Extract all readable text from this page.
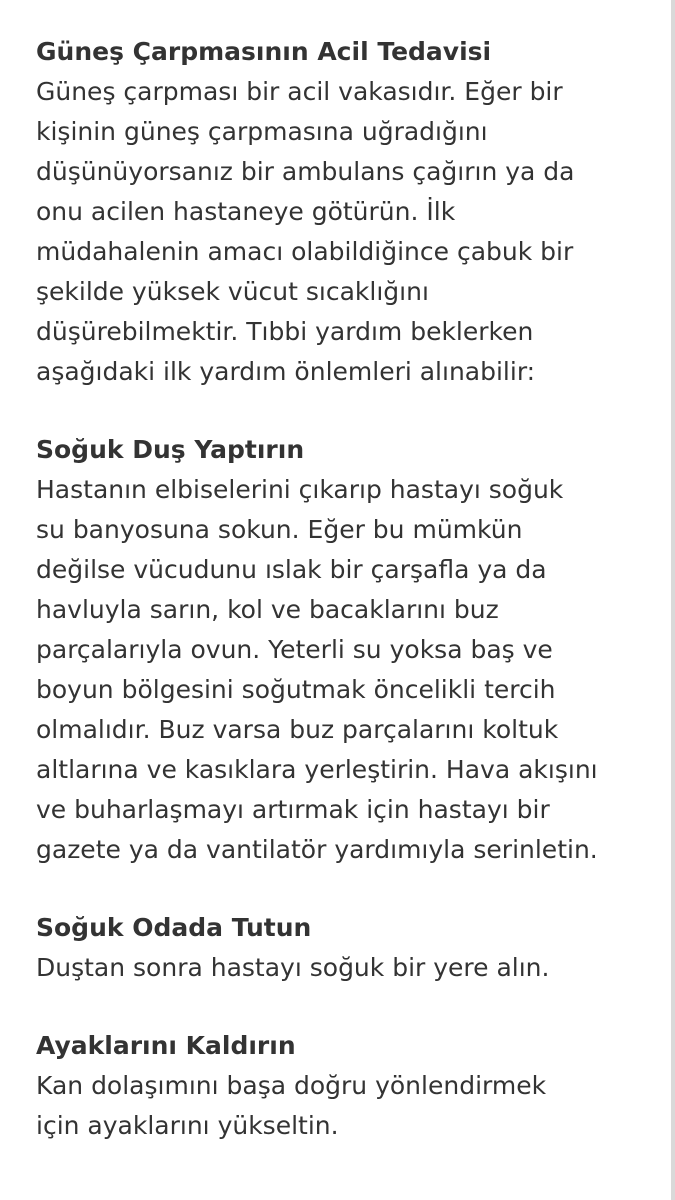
Güneş Çarpmasının Acil Tedavisi
Güneş çarpması bir acil vakasıdır. Eğer bir
kişinin güneş çarpmasına uğradığını
düşünüyorsanız bir ambulans çağırın ya da
onu acilen hastaneye götürün. İlk
müdahalenin amacı olabildiğince çabuk bir
şekilde yüksek vücut sıcaklığını
düşürebilmektir. Tıbbi yardım beklerken
aşağıdaki ilk yardım önlemleri alınabilir:
Soğuk Duş Yaptırın
Hastanın elbiselerini çıkarıp hastayı soğuk
su banyosuna sokun. Eğer bu mümkün
değilse vücudunu ıslak bir çarşafla ya da
havluyla sarın, kol ve bacaklarını buz
parçalarıyla ovun. Yeterli su yoksa baş ve
boyun bölgesini soğutmak öncelikli tercih
olmalıdır. Buz varsa buz parçalarını koltuk
altlarına ve kasıklara yerleştirin. Hava akışını
ve buharlaşmayı artırmak için hastayı bir
gazete ya da vantilatör yardımıyla serinletin.
Soğuk Odada Tutun
Duştan sonra hastayı soğuk bir yere alın.
Ayaklarını Kaldırın
Kan dolaşımını başa doğru yönlendirmek
için ayaklarını yükseltin.
